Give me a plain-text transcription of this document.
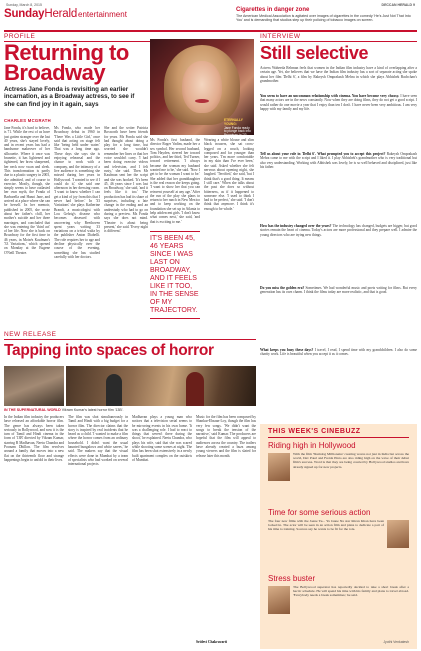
Sunday, March 8, 2015	DECCAN HERALD 9
SundayHerald entertainment	Cigarettes in danger zone
The American Medical Association is agitated over images of cigarettes in the comedy 'He's Just Not That Into You' and is demanding that studios step up their policing of tobacco images on screen.
PROFILE
Returning to Broadway
Actress Jane Fonda is revisiting an earlier incarnation, as a Broadway actress, to see if she can find joy in it again, says
CHARLES MCGRATH	ETERNALLY YOUNG:
Jane Fonda ready to plunge back into
Jane Fonda, it's hard to believe, is 71. While the rest of us have just gotten stranger over the last 40 years, she's stayed lovely, and in recent years has had a handsome makeover of her silhouette. Where it once was brunette, it has lightened and tightened, her brow sharpened, her neck now swan and sleek. This transformation is partly due to a plastic surgery in 2003, she admitted, and of course to exercise. Mostly, though, she simply seems to have outlasted her own myth, the Fonda of Barbarella and Hanoi Jane, and arrived at a place where she can be herself. In her memoir, published in 2005, she wrote about her father's chill, her mother's suicide and her three marriages, and concluded that she was entering the 'third act' of her life. Now she is back on Broadway for the first time in 46 years, in Moisés Kaufman's '33 Variations,' which opened on Monday at the Eugene O'Neill Theatre.
Ms Fonda, who made her Broadway debut in 1960 in 'There Was a Little Girl,' once said that acting on stage felt like 'being held under water.' That was a long time ago. These days she says she is enjoying rehearsal and the chance to work with a company, and the intimacy of a live audience is something she missed during her years in Hollywood. 'I wanted to see if I could do it,' she said one afternoon in her dressing room. 'I want to know whether I can get a kind of joy from this that I never had before.' In '33 Variations' she plays Katherine Brandt, a musicologist with Lou Gehrig's disease who becomes obsessed with uncovering why Beethoven spent years writing 33 variations on a trivial waltz by the publisher Anton Diabelli. The role requires her to age and decline physically over the course of the evening, something she has studied carefully with her doctors.
She and the writer Patricia Bosworth have been friends for years. Ms Fonda said she had thought about doing a play for a long time, but worried she wouldn't remember her lines or that her voice wouldn't carry. 'I had been doing exercise videos and television, and I felt rusty,' she said. Then Mr Kaufman sent her the script and she was hooked. 'It's been 45, 46 years since I was last on Broadway,' she said, 'and it feels like it too.' The production has had its share of surprises, including a late change in the ending and an understudy who had to go on during a preview. Ms Fonda says she does not mind. 'Theatre is about being present,' she said. 'Every night is different.'
Ms Fonda's first husband, the director Roger Vadim, made her a sex symbol. Her second husband, Tom Hayden, steered her toward politics, and her third, Ted Turner, toward retirement. 'I always became the woman my husband wanted me to be,' she said. 'Now I get to be the woman I want to be.' She added that her granddaughter is the real reason she keeps going. 'I want to show her that you can reinvent yourself at any age.' After the run of the play she plans to return to her ranch in New Mexico and to keep working on the foundation she set up in Atlanta to help adolescent girls. 'I don't know what comes next,' she said, 'and that is exciting to me.'
Wearing a white blouse and slim black trousers, she sat cross-legged on a couch, looking composed and far younger than her years. 'I'm more comfortable in my skin than I've ever been,' she said. Asked whether she felt nervous about opening night, she laughed. 'Terrified,' she said, 'but I think that's a good thing. It means I still care.' When she talks about the past she does so without bitterness, as if it happened to someone else. 'I used to think I had to be perfect,' she said. 'I don't think that anymore. I think it's enough to be whole.'
IT'S BEEN 45, 46 YEARS SINCE I WAS LAST ON BROADWAY, AND IT FEELS LIKE IT TOO, IN THE SENSE OF MY TRAJECTORY.
INTERVIEW
Still selective
Actress Waheeda Rehman feels that women in the Indian film industry have a kind of overlapping after a certain age. Yet, she believes that we have the Indian film industry has a sort of separate acting she spoke about her film 'Delhi 6', a film by Rakeysh Omprakash Mehra in which she plays Abhishek Bachchan's grandmother.
You seem to have an uncommon relationship with cinema. You have become very choosy. I have seen that many actors are in the news constantly. Now when they are doing films, they do not get a good script. I would rather do one movie a year that I enjoy than ten I don't. I have never been very ambitious. I am very happy with my family and my life.
Tell us about your role in 'Delhi 6'. What prompted you to accept this project? Rakeysh Omprakash Mehra came to me with the script and I liked it. I play Abhishek's grandmother who is very traditional but also very understanding. Working with Abhishek was lovely, he is so well behaved and disciplined, just like his father.
How has the industry changed over the years? The technology has changed, budgets are bigger, but good stories remain the heart of cinema. Today's actors are more professional and they prepare well. I admire the young directors who are trying new things.
Do you miss the golden era? Sometimes. We had wonderful music and poets writing for films. But every generation has its own charm. I think the films today are more realistic, and that is good.
What keeps you busy these days? I travel, I read, I spend time with my grandchildren. I also do some charity work. Life is beautiful when you accept it as it comes.
NEW RELEASE
Tapping into spaces of horror
IN THE SUPERNATURAL WORLD Vikram Kumar's latest horror film '13B'.
In the Indian film industry the producers have released an affordable horror film. The genre has always been taken seriously in Bollywood, and now it is the turn of Tamil and Hindi cinema in the form of '13B' directed by Vikram Kumar, starring R Madhavan, Neetu Chandra and Poonam Dhillon. The film revolves around a family that moves into a new flat on the thirteenth floor and strange happenings begin to unfold in their lives.
The film was shot simultaneously in Tamil and Hindi with a big budget for a horror film. The director claims that the story is inspired by real incidents that he heard as a child. 'I wanted to make a film where the horror comes from an ordinary household. I didn't want the usual haunted bungalows and white sarees,' he said. The makers say that the visual effects were done in Mumbai by a team of specialists who had worked on several international projects.
Madhavan plays a young man who notices that a television serial seems to be mirroring events in his own home. 'It was a challenging role. I had to react to things that weren't there during the shoot,' he explained. Neetu Chandra, who plays his wife, said that she was scared while shooting some scenes at night. The film has been shot extensively in a newly built apartment complex on the outskirts of Mumbai.
Music for the film has been composed by Shankar-Ehsaan-Loy, though the film has very few songs. 'We didn't want the songs to break the tension of the narrative,' said Kumar. The producers are hopeful that the film will appeal to audiences across the country. The trailers have already created a buzz among young viewers and the film is slated for release later this month.
Sridevi Chakravarti
THIS WEEK'S CINEBUZZ
Riding high in Hollywood
With the film 'Slumdog Millionaire' creating waves not just in India but across the world, Dev Patel and Freida Pinto are also riding high on the wave of their debut film's success. Word is that they are being courted by Hollywood studios and have already signed up for new projects.
Time for some serious action
The four new films with the Jaane Tu... Ya Jaane Na star Imran Khan have been locked in. The actor will be seen in an action film and plans to dedicate a part of his time to training. Sources say he wants to be fit for the role.
Stress buster
The Bollywood superstar has reportedly decided to take a short break after a hectic schedule. He will spend his time with his family and plans to travel abroad. 'Everybody needs a break sometimes,' he said.
Jyothi Venkatesh
